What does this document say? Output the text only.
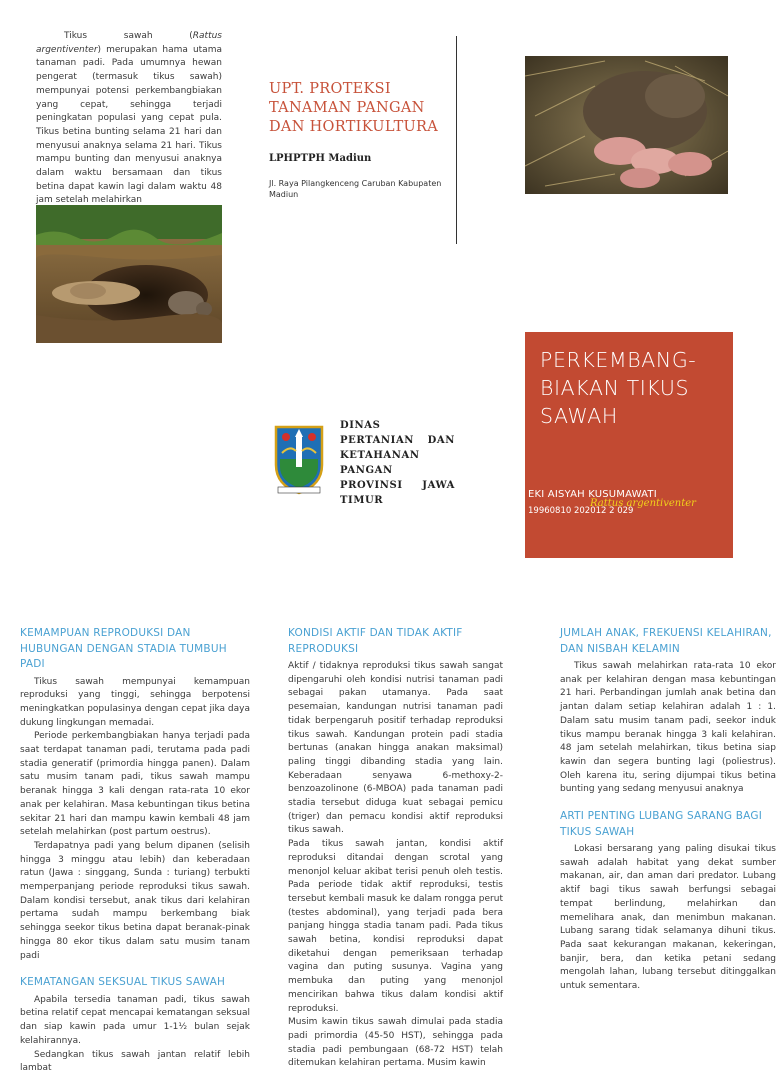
Tikus sawah (Rattus argentiventer) merupakan hama utama tanaman padi. Pada umumnya hewan pengerat (termasuk tikus sawah) mempunyai potensi perkembangbiakan yang cepat, sehingga terjadi peningkatan populasi yang cepat pula. Tikus betina bunting selama 21 hari dan menyusui anaknya selama 21 hari. Tikus mampu bunting dan menyusui anaknya dalam waktu bersamaan dan tikus betina dapat kawin lagi dalam waktu 48 jam setelah melahirkan

UPT. PROTEKSI TANAMAN PANGAN DAN HORTIKULTURA
LPHPTPH Madiun
Jl. Raya Pilangkenceng Caruban Kabupaten Madiun
DINAS PERTANIAN DAN KETAHANAN PANGAN PROVINSI JAWA TIMUR
PERKEMBANG-BIAKAN TIKUS SAWAH
EKI AISYAH KUSUMAWATI
19960810 202012 2 029
Rattus argentiventer
KEMAMPUAN REPRODUKSI DAN HUBUNGAN DENGAN STADIA TUMBUH PADI

Tikus sawah mempunyai kemampuan reproduksi yang tinggi, sehingga berpotensi meningkatkan populasinya dengan cepat jika daya dukung lingkungan memadai.

Periode perkembangbiakan hanya terjadi pada saat terdapat tanaman padi, terutama pada padi stadia generatif (primordia hingga panen). Dalam satu musim tanam padi, tikus sawah mampu beranak hingga 3 kali dengan rata-rata 10 ekor anak per kelahiran. Masa kebuntingan tikus betina sekitar 21 hari dan mampu kawin kembali 48 jam setelah melahirkan (post partum oestrus).

Terdapatnya padi yang belum dipanen (selisih hingga 3 minggu atau lebih) dan keberadaan ratun (Jawa : singgang, Sunda : turiang) terbukti memperpanjang periode reproduksi tikus sawah. Dalam kondisi tersebut, anak tikus dari kelahiran pertama sudah mampu berkembang biak sehingga seekor tikus betina dapat beranak-pinak hingga 80 ekor tikus dalam satu musim tanam padi

KEMATANGAN SEKSUAL TIKUS SAWAH

Apabila tersedia tanaman padi, tikus sawah betina relatif cepat mencapai kematangan seksual dan siap kawin pada umur 1-1½ bulan sejak kelahirannya.

Sedangkan tikus sawah jantan relatif lebih lambat

KONDISI AKTIF DAN TIDAK AKTIF REPRODUKSI

Aktif / tidaknya reproduksi tikus sawah sangat dipengaruhi oleh kondisi nutrisi tanaman padi sebagai pakan utamanya. Pada saat pesemaian, kandungan nutrisi tanaman padi tidak berpengaruh positif terhadap reproduksi tikus sawah. Kandungan protein padi stadia bertunas (anakan hingga anakan maksimal) paling tinggi dibanding stadia yang lain. Keberadaan senyawa 6-methoxy-2-benzoazolinone (6-MBOA) pada tanaman padi stadia tersebut diduga kuat sebagai pemicu (triger) dan pemacu kondisi aktif reproduksi tikus sawah.

Pada tikus sawah jantan, kondisi aktif reproduksi ditandai dengan scrotal yang menonjol keluar akibat terisi penuh oleh testis. Pada periode tidak aktif reproduksi, testis tersebut kembali masuk ke dalam rongga perut (testes abdominal), yang terjadi pada bera panjang hingga stadia tanam padi. Pada tikus sawah betina, kondisi reproduksi dapat diketahui dengan pemeriksaan terhadap vagina dan puting susunya. Vagina yang membuka dan puting yang menonjol mencirikan bahwa tikus dalam kondisi aktif reproduksi.

Musim kawin tikus sawah dimulai pada stadia padi primordia (45-50 HST), sehingga pada stadia padi pembungaan (68-72 HST) telah ditemukan kelahiran pertama. Musim kawin

JUMLAH ANAK, FREKUENSI KELAHIRAN, DAN NISBAH KELAMIN

Tikus sawah melahirkan rata-rata 10 ekor anak per kelahiran dengan masa kebuntingan 21 hari. Perbandingan jumlah anak betina dan jantan dalam setiap kelahiran adalah 1 : 1. Dalam satu musim tanam padi, seekor induk tikus mampu beranak hingga 3 kali kelahiran. 48 jam setelah melahirkan, tikus betina siap kawin dan segera bunting lagi (poliestrus). Oleh karena itu, sering dijumpai tikus betina bunting yang sedang menyusui anaknya

ARTI PENTING LUBANG SARANG BAGI TIKUS SAWAH

Lokasi bersarang yang paling disukai tikus sawah adalah habitat yang dekat sumber makanan, air, dan aman dari predator. Lubang aktif bagi tikus sawah berfungsi sebagai tempat berlindung, melahirkan dan memelihara anak, dan menimbun makanan. Lubang sarang tidak selamanya dihuni tikus. Pada saat kekurangan makanan, kekeringan, banjir, bera, dan ketika petani sedang mengolah lahan, lubang tersebut ditinggalkan untuk sementara.
